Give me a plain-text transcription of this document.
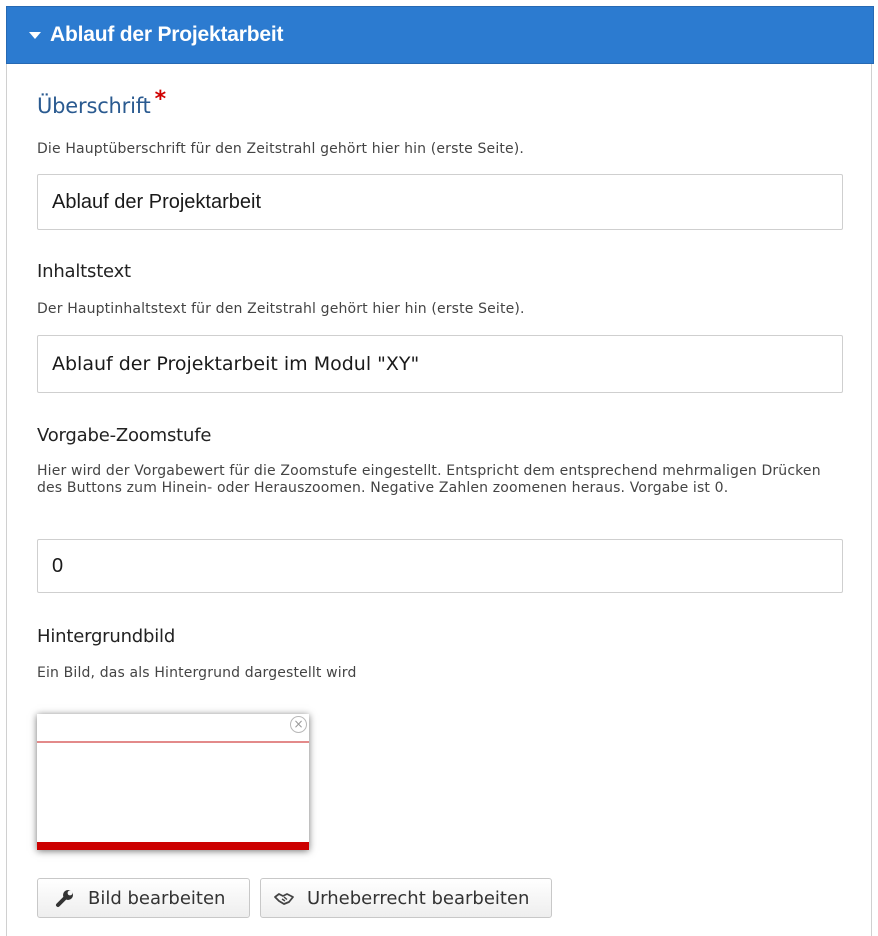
Ablauf der Projektarbeit
Überschrift *
Die Hauptüberschrift für den Zeitstrahl gehört hier hin (erste Seite).
Ablauf der Projektarbeit
Inhaltstext
Der Hauptinhaltstext für den Zeitstrahl gehört hier hin (erste Seite).
Ablauf der Projektarbeit im Modul "XY"
Vorgabe-Zoomstufe
Hier wird der Vorgabewert für die Zoomstufe eingestellt. Entspricht dem entsprechend mehrmaligen Drücken des Buttons zum Hinein- oder Herauszoomen. Negative Zahlen zoomenen heraus. Vorgabe ist 0.
0
Hintergrundbild
Ein Bild, das als Hintergrund dargestellt wird
×
Bild bearbeiten	Urheberrecht bearbeiten
